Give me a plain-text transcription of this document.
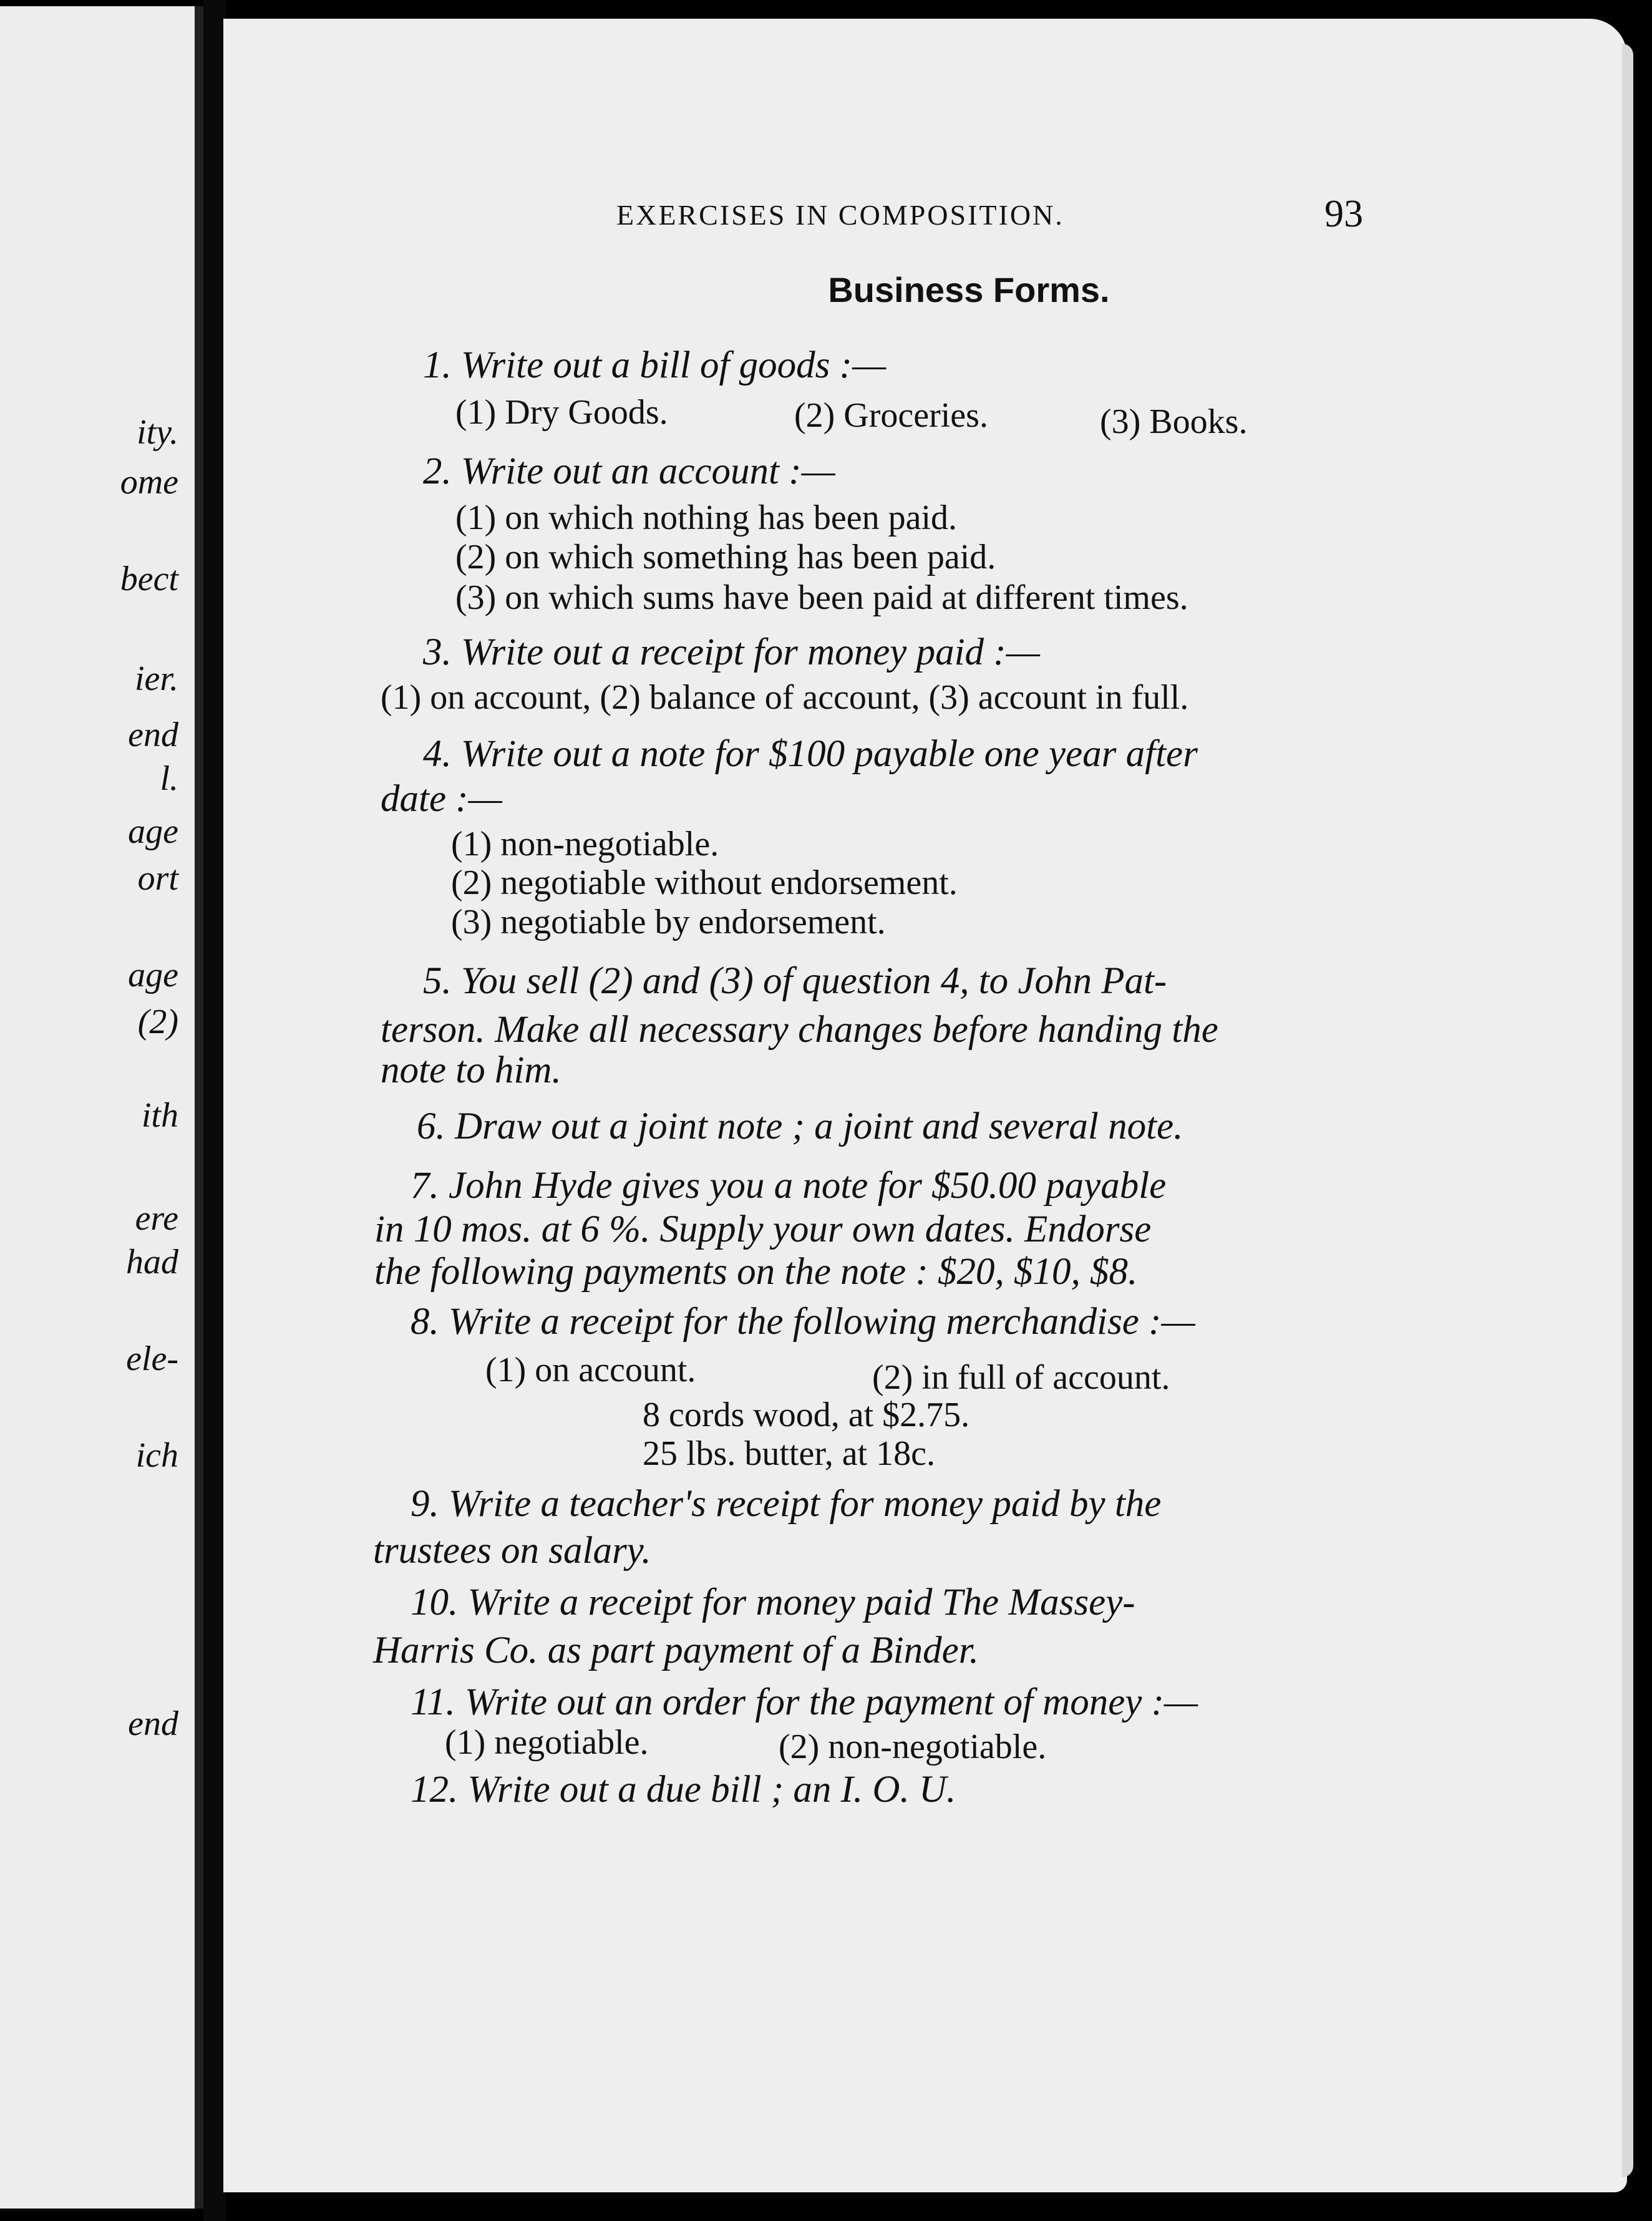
ity.
ome
bect
ier.
end
l.
age
ort
age
(2)
ith
ere
had
ele-
ich
end
EXERCISES IN COMPOSITION.	93
Business Forms.
1. Write out a bill of goods :—
(1) Dry Goods.	(2) Groceries.	(3) Books.
2. Write out an account :—
(1) on which nothing has been paid.
(2) on which something has been paid.
(3) on which sums have been paid at different times.
3. Write out a receipt for money paid :—
(1) on account, (2) balance of account, (3) account in full.
4. Write out a note for $100 payable one year after
date :—
(1) non-negotiable.
(2) negotiable without endorsement.
(3) negotiable by endorsement.
5. You sell (2) and (3) of question 4, to John Pat-
terson. Make all necessary changes before handing the
note to him.
6. Draw out a joint note ; a joint and several note.
7. John Hyde gives you a note for $50.00 payable
in 10 mos. at 6 %. Supply your own dates. Endorse
the following payments on the note : $20, $10, $8.
8. Write a receipt for the following merchandise :—
(1) on account.	(2) in full of account.
8 cords wood, at $2.75.
25 lbs. butter, at 18c.
9. Write a teacher's receipt for money paid by the
trustees on salary.
10. Write a receipt for money paid The Massey-
Harris Co. as part payment of a Binder.
11. Write out an order for the payment of money :—
(1) negotiable.	(2) non-negotiable.
12. Write out a due bill ; an I. O. U.
